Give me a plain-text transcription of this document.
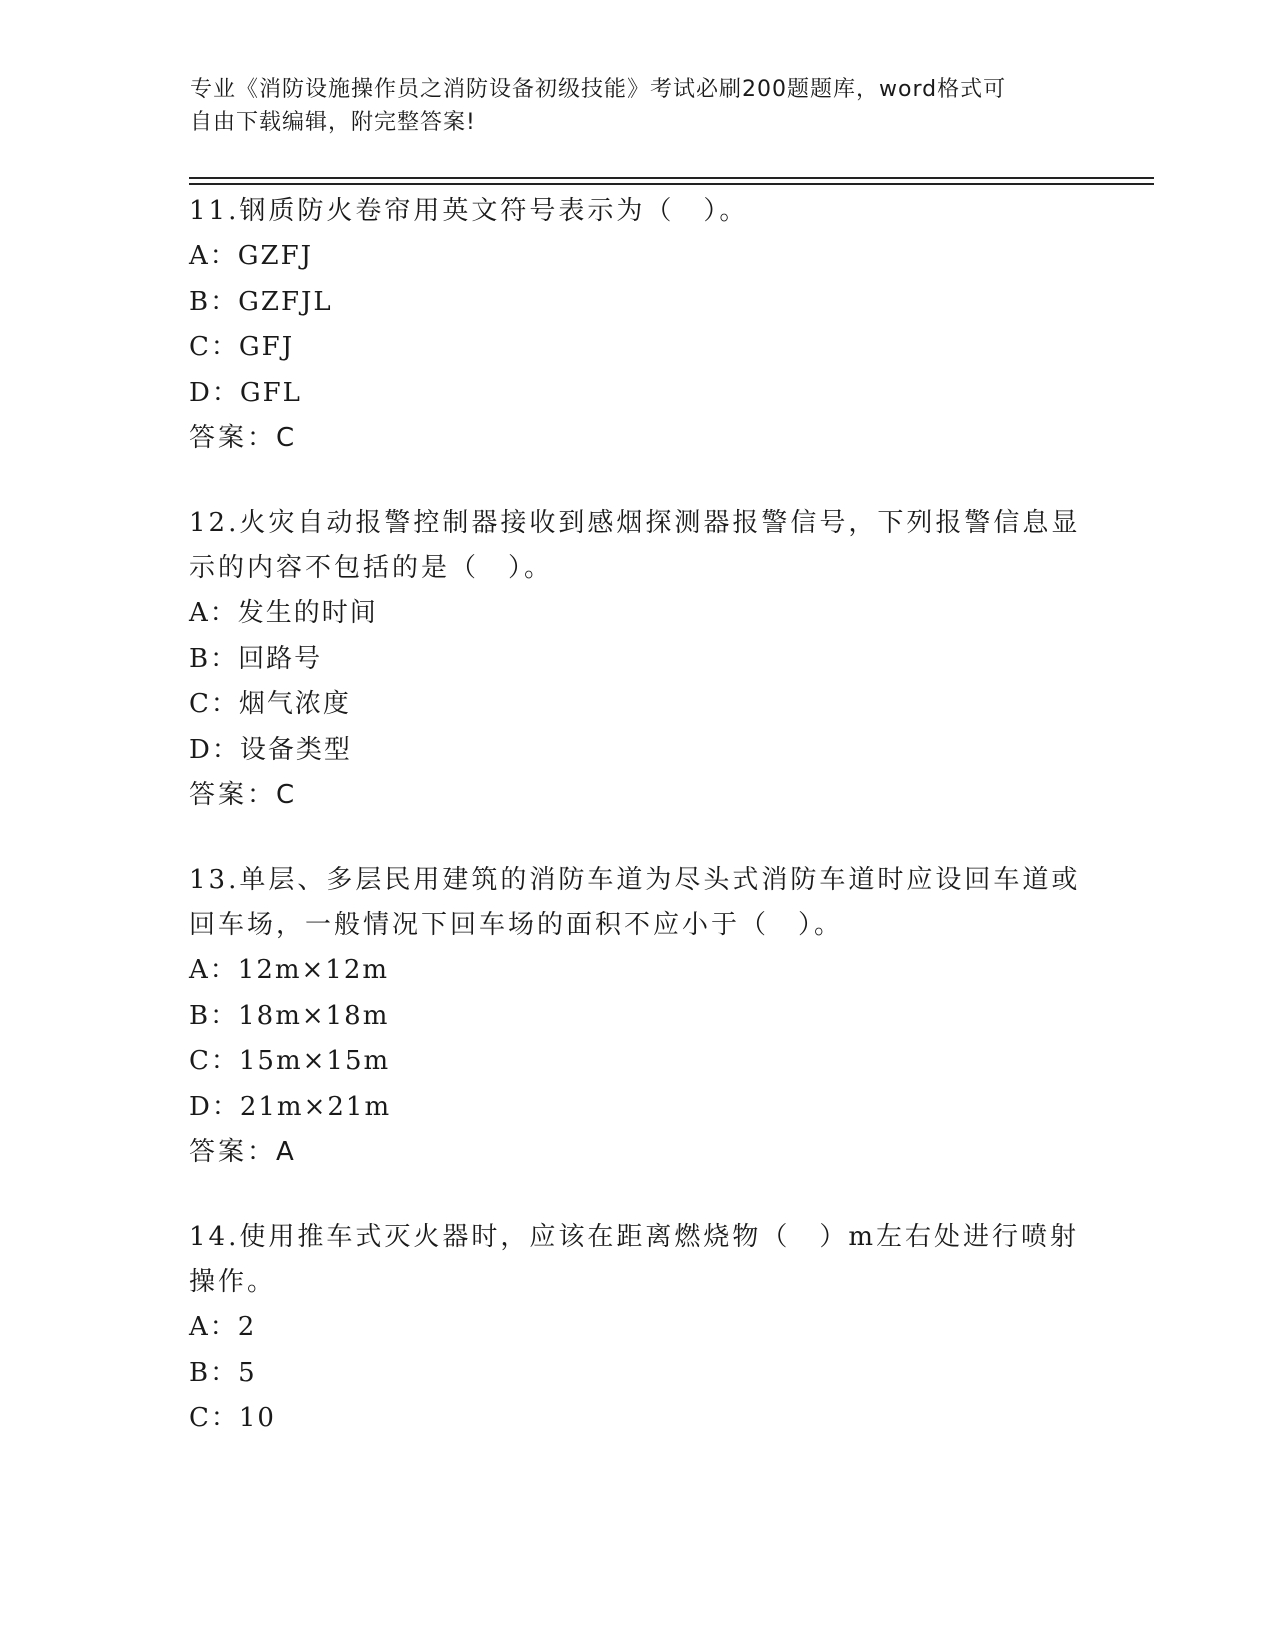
专业《消防设施操作员之消防设备初级技能》考试必刷200题题库，word格式可
自由下载编辑，附完整答案!

11.钢质防火卷帘用英文符号表示为（　）。

A：GZFJ

B：GZFJL

C：GFJ

D：GFL

答案：C

12.火灾自动报警控制器接收到感烟探测器报警信号，下列报警信息显示的内容不包括的是（　）。

A：发生的时间

B：回路号

C：烟气浓度

D：设备类型

答案：C

13.单层、多层民用建筑的消防车道为尽头式消防车道时应设回车道或回车场，一般情况下回车场的面积不应小于（　）。

A：12m×12m

B：18m×18m

C：15m×15m

D：21m×21m

答案：A

14.使用推车式灭火器时，应该在距离燃烧物（　）m左右处进行喷射操作。

A：2

B：5

C：10
